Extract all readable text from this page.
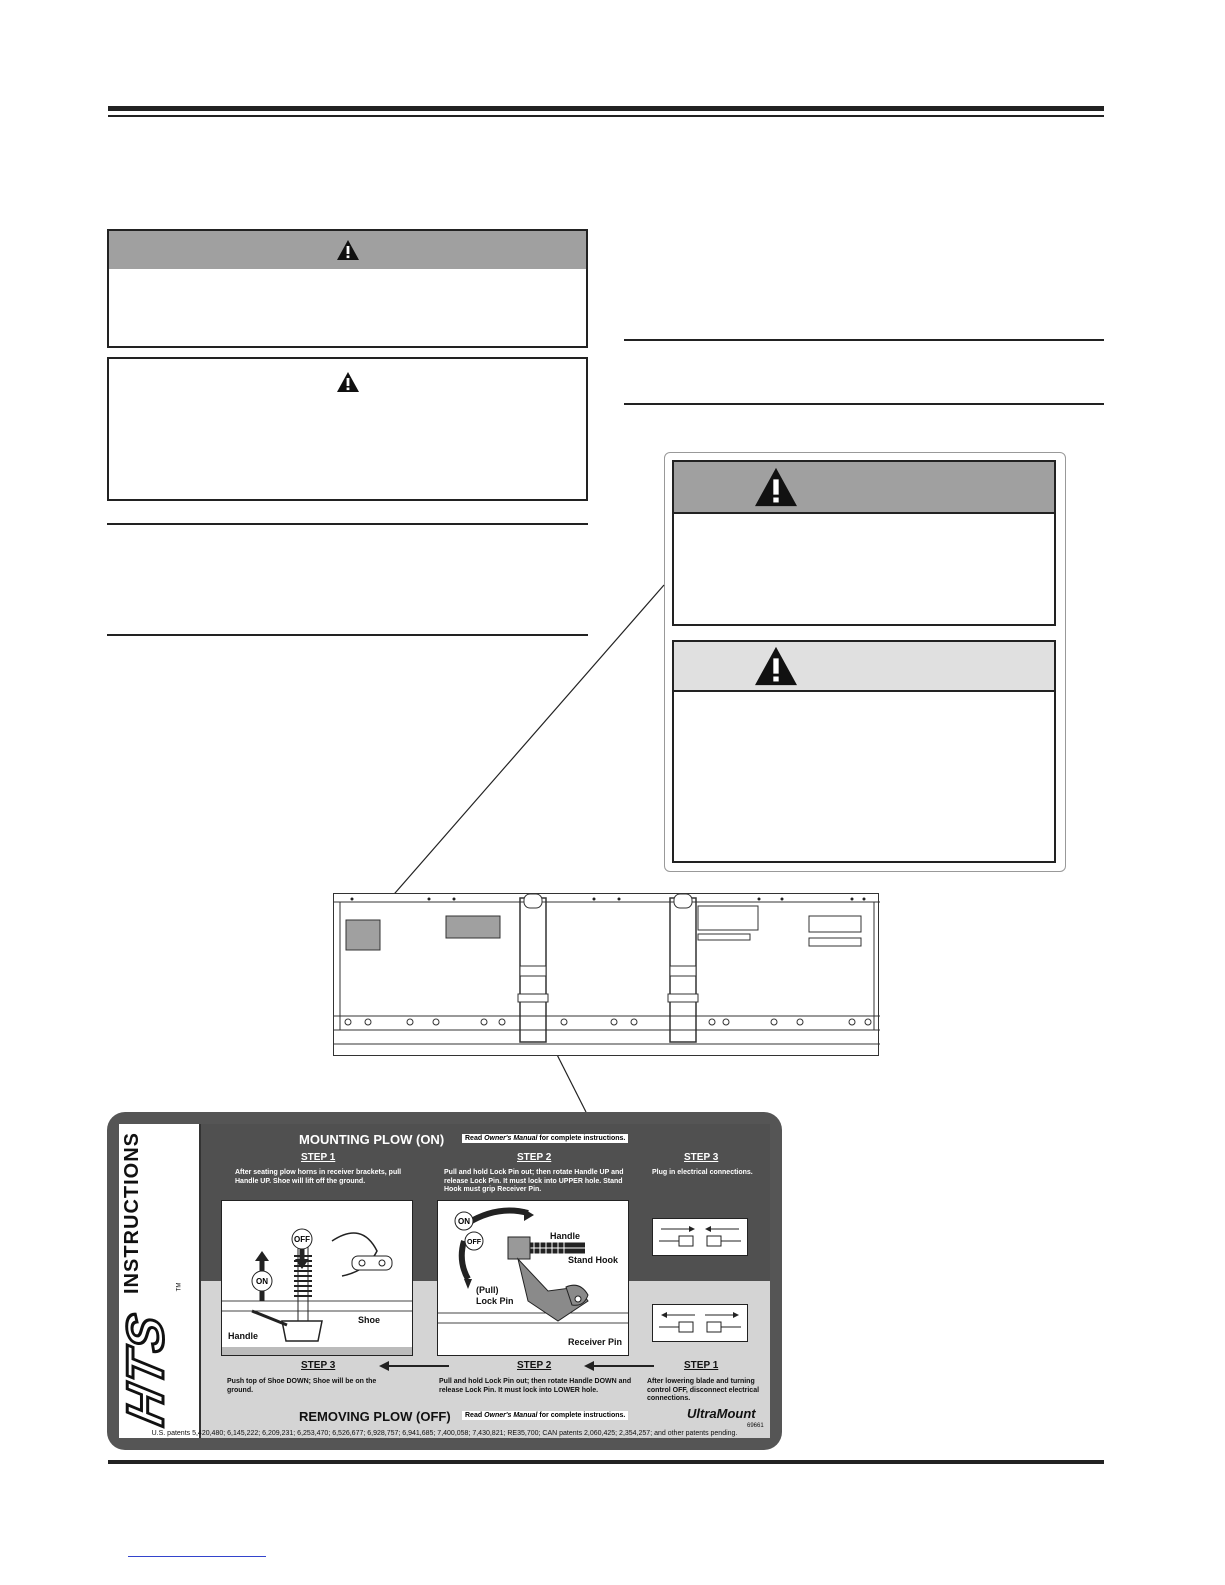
INSTRUCTIONS
HTS
TM
MOUNTING PLOW (ON)	Read Owner's Manual for complete instructions.
STEP 1
After seating plow horns in receiver brackets, pull Handle UP. Shoe will lift off the ground.
STEP 2
Pull and hold Lock Pin out; then rotate Handle UP and release Lock Pin. It must lock into UPPER hole. Stand Hook must grip Receiver Pin.
STEP 3
Plug in electrical connections.
OFF
ON
Handle
Shoe
ON
OFF
Handle
Stand Hook
(Pull)
Lock Pin
Receiver Pin
STEP 3
Push top of Shoe DOWN; Shoe will be on the ground.
STEP 2
Pull and hold Lock Pin out; then rotate Handle DOWN and release Lock Pin. It must lock into LOWER hole.
STEP 1
After lowering blade and turning control OFF, disconnect electrical connections.
REMOVING PLOW (OFF)	Read Owner's Manual for complete instructions.	UltraMount
69661
U.S. patents 5,420,480; 6,145,222; 6,209,231; 6,253,470; 6,526,677; 6,928,757; 6,941,685; 7,400,058; 7,430,821; RE35,700; CAN patents 2,060,425; 2,354,257; and other patents pending.
